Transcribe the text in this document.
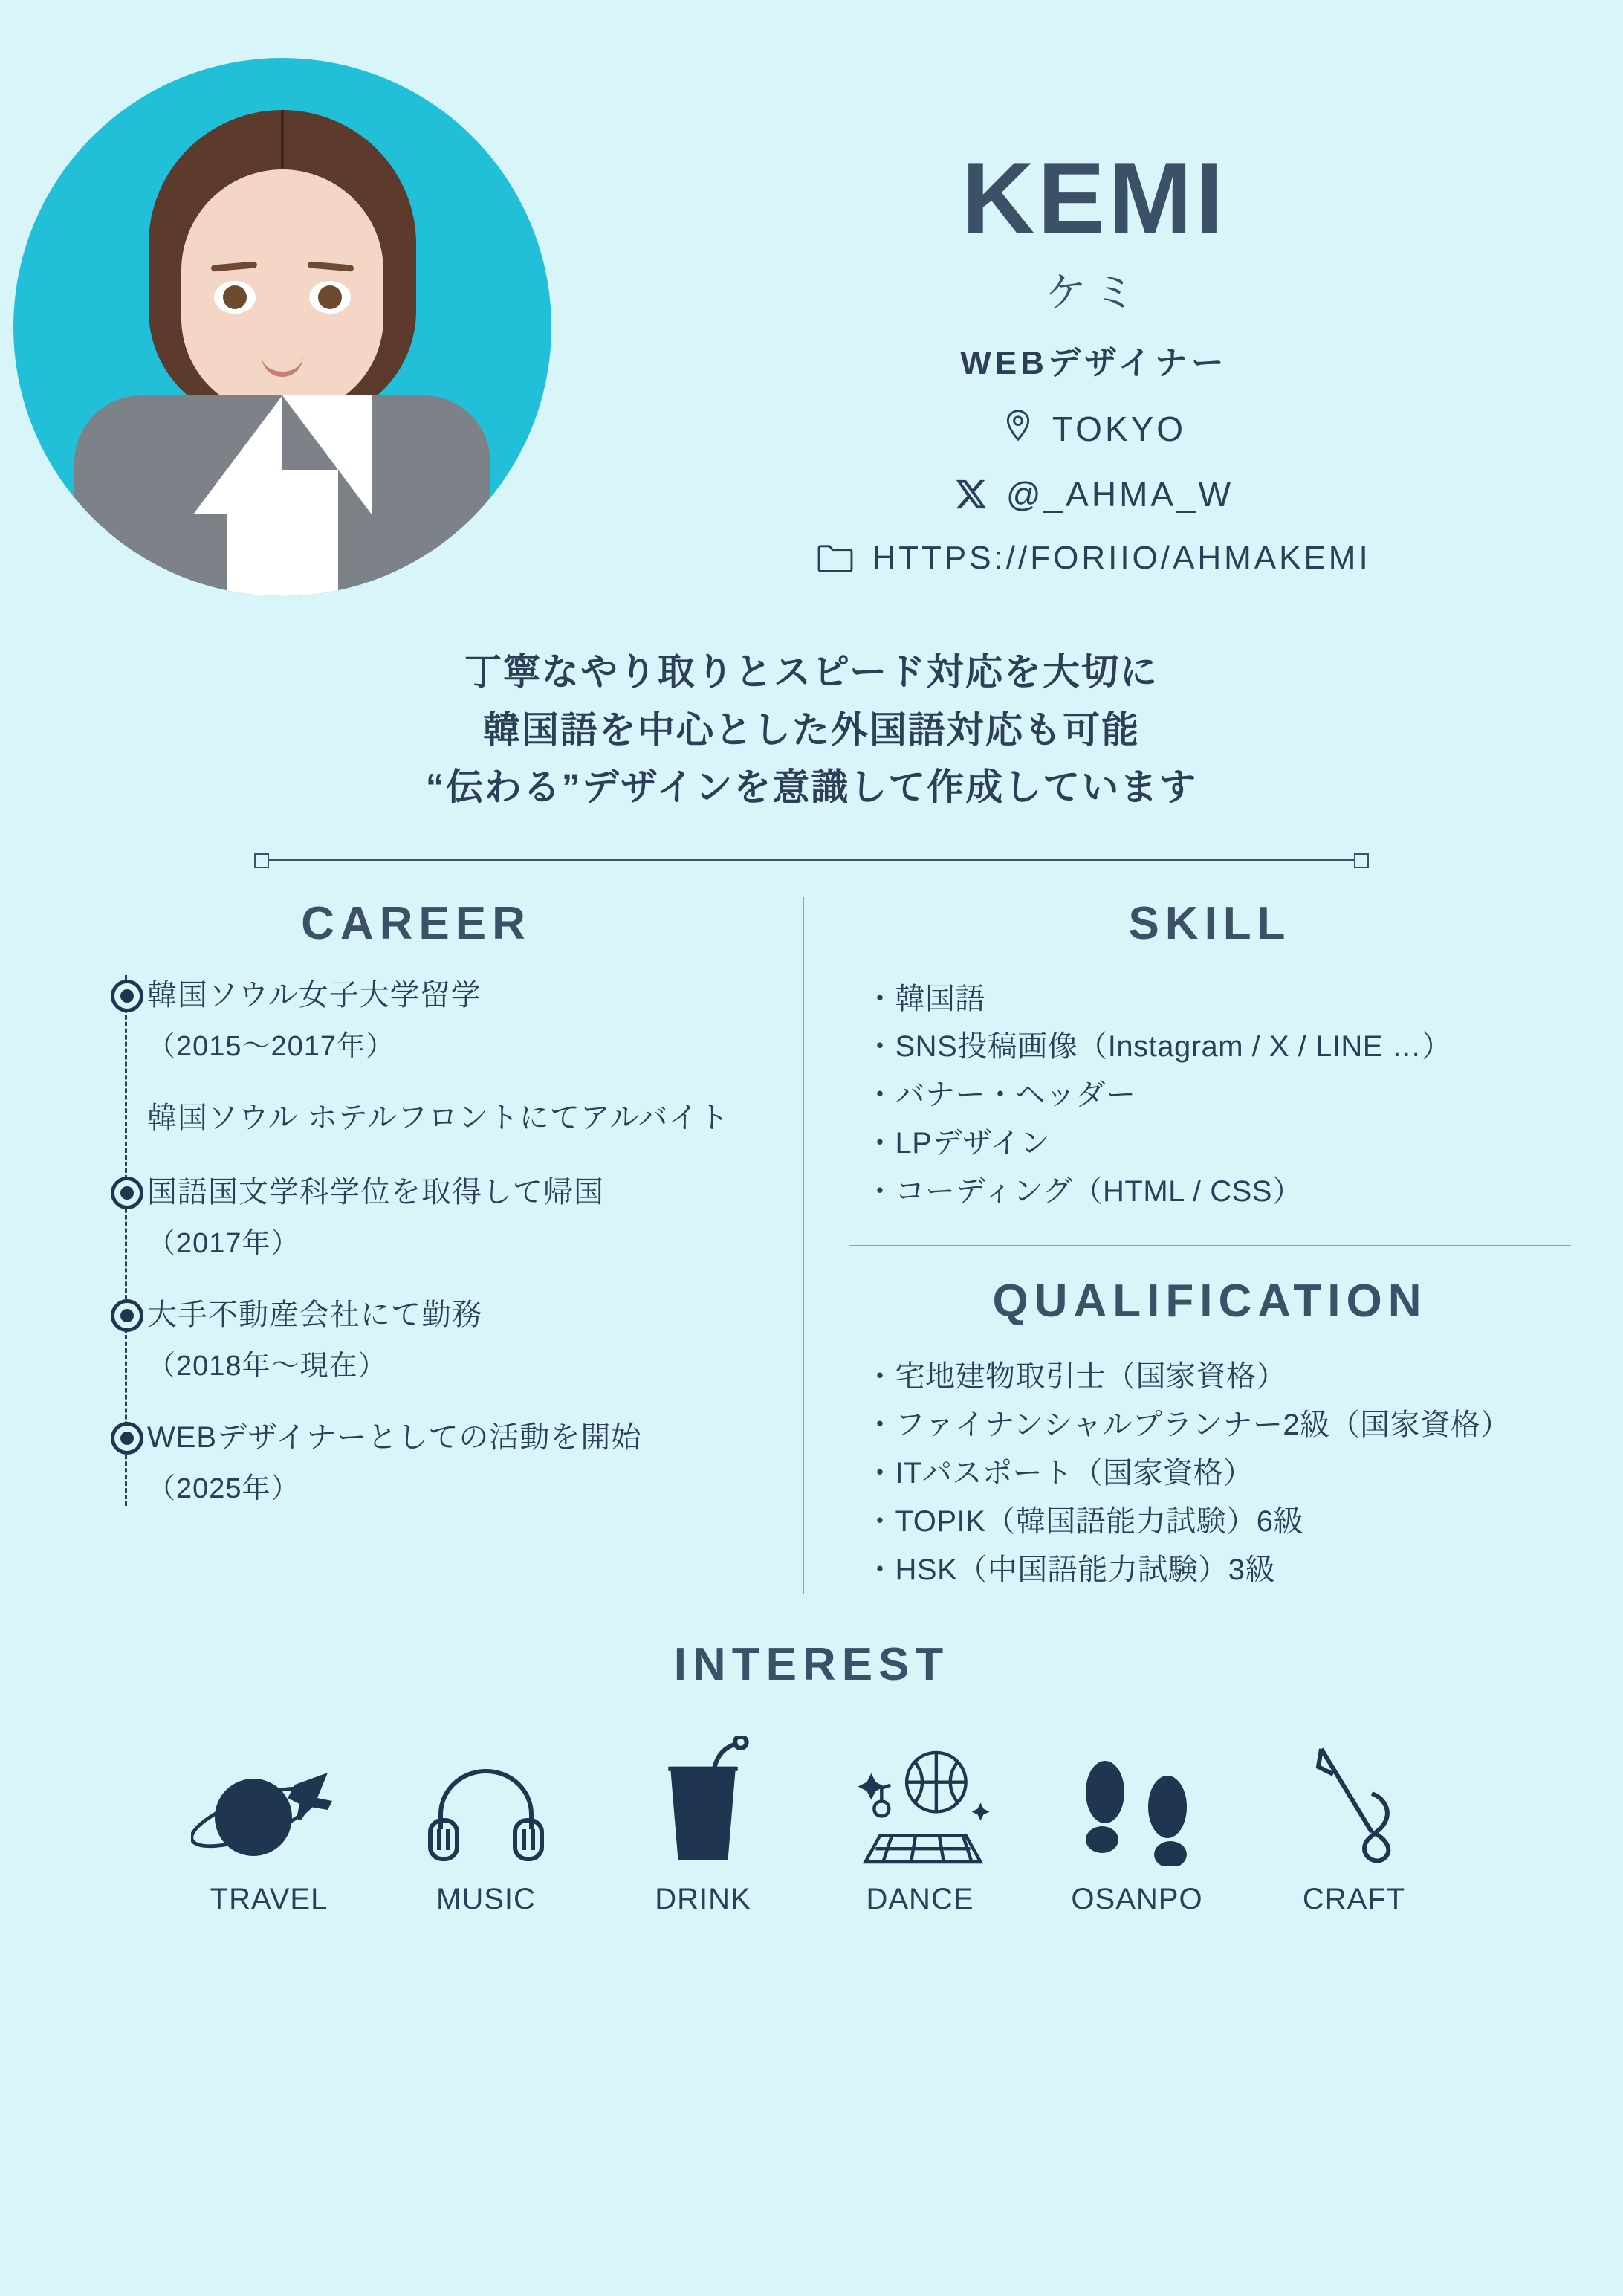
KEMI
ケミ
WEBデザイナー
TOKYO
@_AHMA_W
HTTPS://FORIIO/AHMAKEMI
丁寧なやり取りとスピード対応を大切に
韓国語を中心とした外国語対応も可能
“伝わる”デザインを意識して作成しています
CAREER
韓国ソウル女子大学留学
（2015〜2017年）
韓国ソウル ホテルフロントにてアルバイト
国語国文学科学位を取得して帰国
（2017年）
大手不動産会社にて勤務
（2018年〜現在）
WEBデザイナーとしての活動を開始
（2025年）
SKILL
・韓国語
・SNS投稿画像（Instagram / X / LINE …）
・バナー・ヘッダー
・LPデザイン
・コーディング（HTML / CSS）
QUALIFICATION
・宅地建物取引士（国家資格）
・ファイナンシャルプランナー2級（国家資格）
・ITパスポート（国家資格）
・TOPIK（韓国語能力試験）6級
・HSK（中国語能力試験）3級
INTEREST
TRAVEL	MUSIC	DRINK	DANCE	OSANPO	CRAFT
